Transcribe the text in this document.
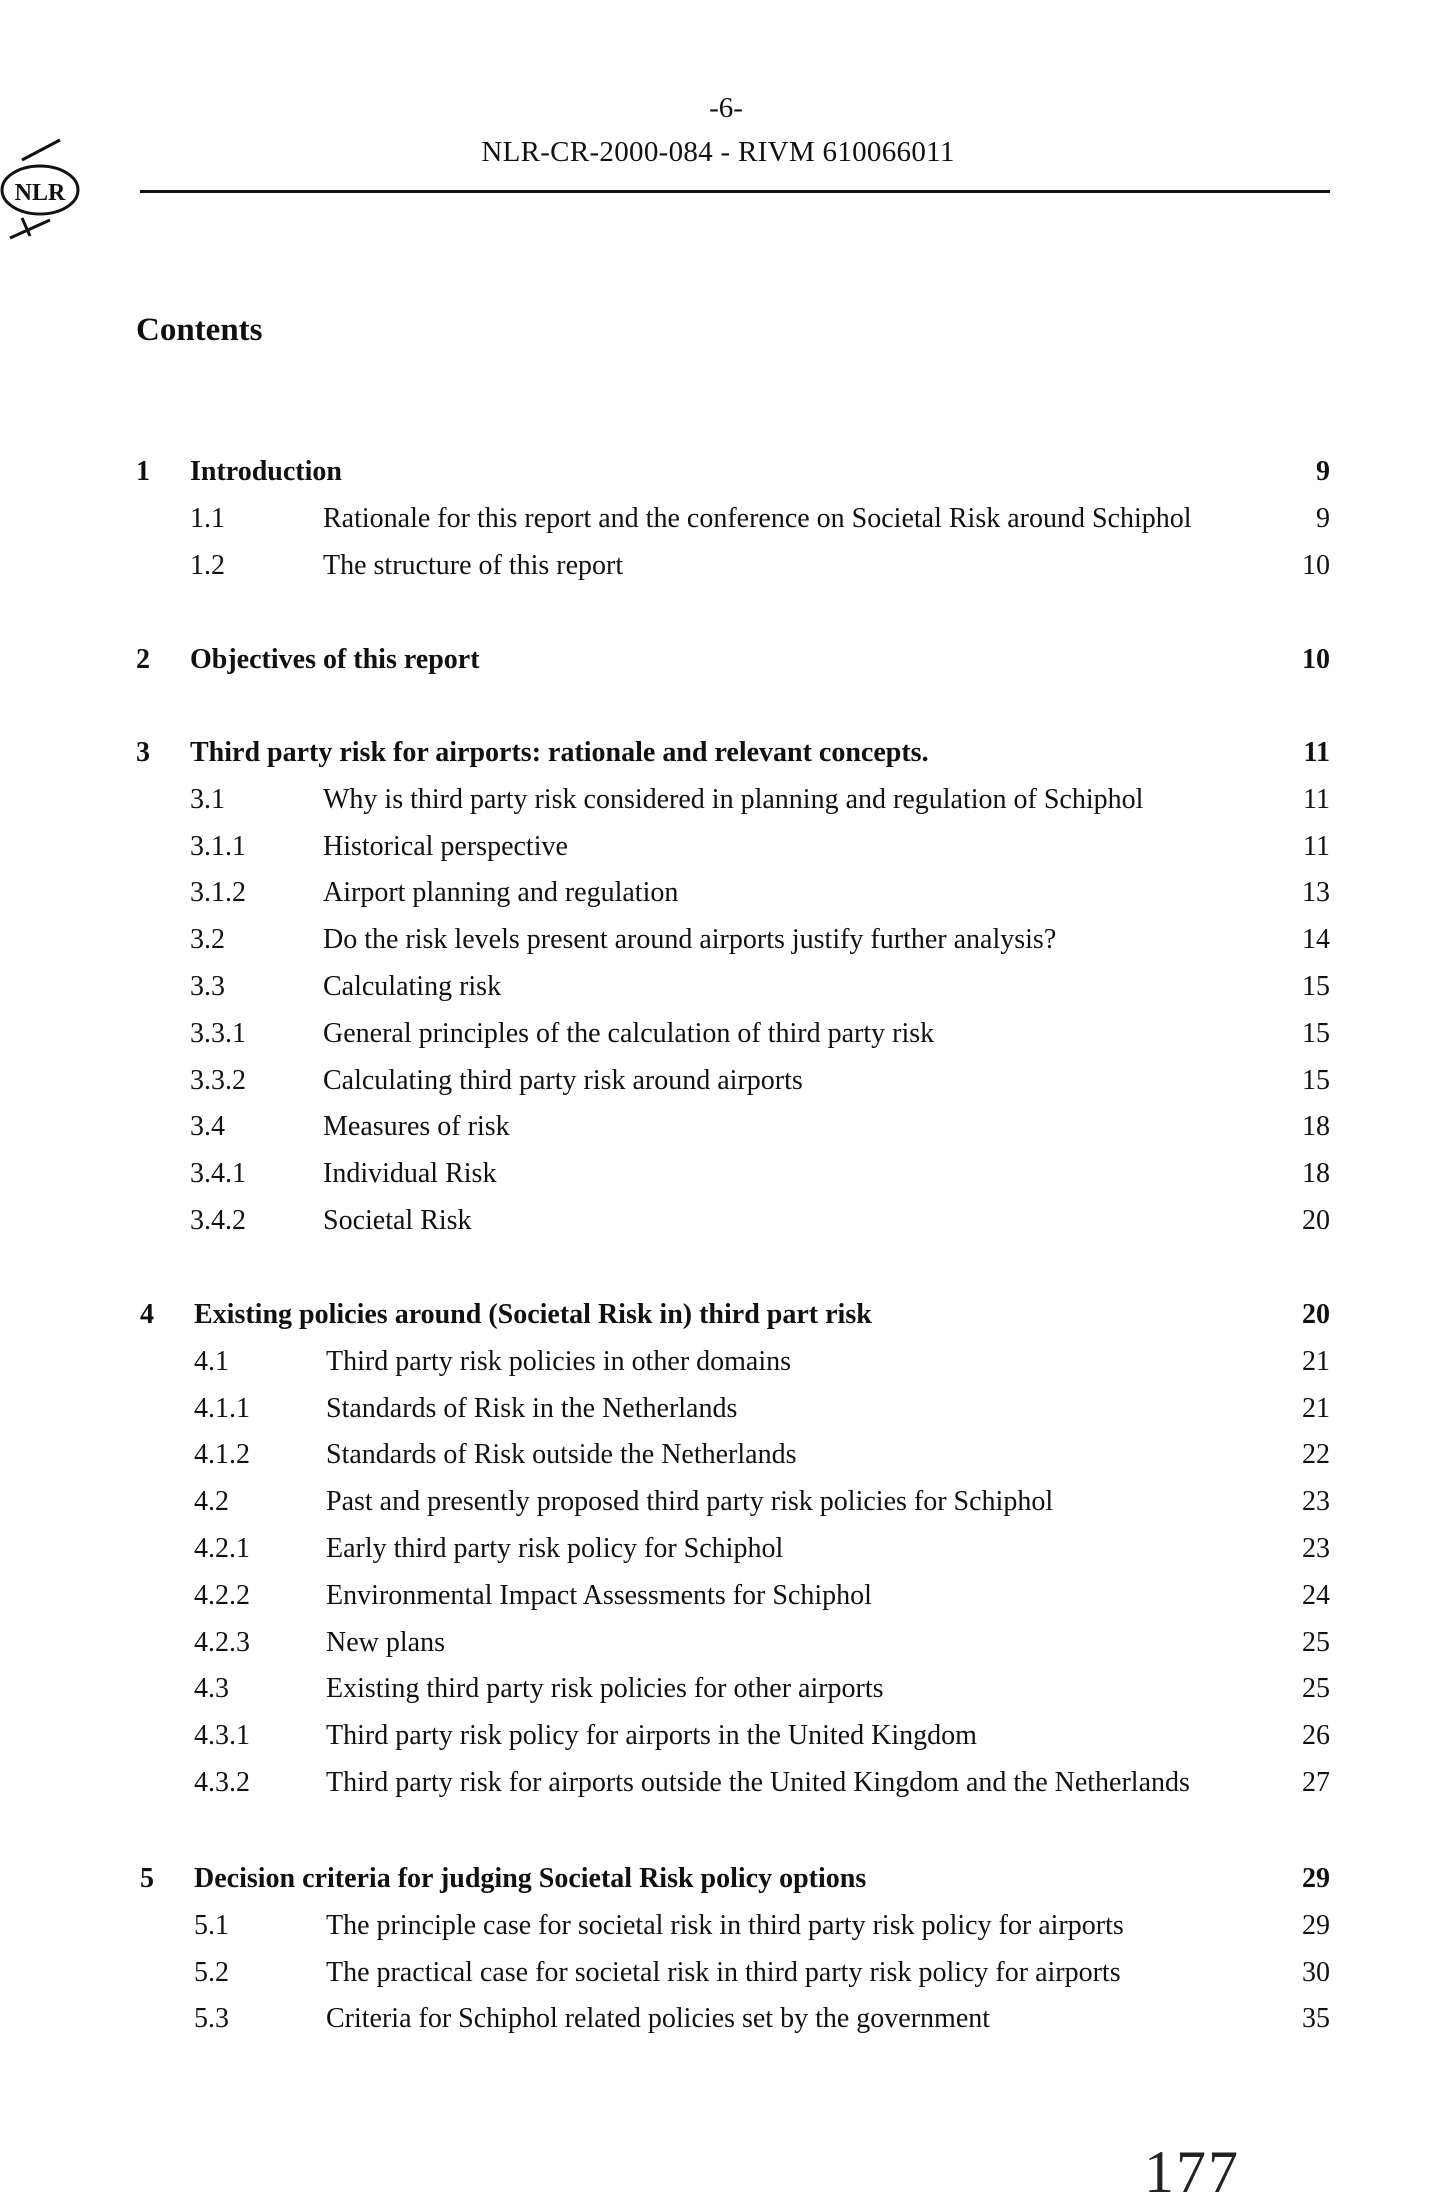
NLR
-6-
NLR-CR-2000-084 - RIVM 610066011
Contents
1 Introduction	9
1.1	Rationale for this report and the conference on Societal Risk around Schiphol	9
1.2	The structure of this report	10
2 Objectives of this report	10
3 Third party risk for airports: rationale and relevant concepts.	11
3.1	Why is third party risk considered in planning and regulation of Schiphol	11
3.1.1	Historical perspective	11
3.1.2	Airport planning and regulation	13
3.2	Do the risk levels present around airports justify further analysis?	14
3.3	Calculating risk	15
3.3.1	General principles of the calculation of third party risk	15
3.3.2	Calculating third party risk around airports	15
3.4	Measures of risk	18
3.4.1	Individual Risk	18
3.4.2	Societal Risk	20
4 Existing policies around (Societal Risk in) third part risk	20
4.1	Third party risk policies in other domains	21
4.1.1	Standards of Risk in the Netherlands	21
4.1.2	Standards of Risk outside the Netherlands	22
4.2	Past and presently proposed third party risk policies for Schiphol	23
4.2.1	Early third party risk policy for Schiphol	23
4.2.2	Environmental Impact Assessments for Schiphol	24
4.2.3	New plans	25
4.3	Existing third party risk policies for other airports	25
4.3.1	Third party risk policy for airports in the United Kingdom	26
4.3.2	Third party risk for airports outside the United Kingdom and the Netherlands	27
5 Decision criteria for judging Societal Risk policy options	29
5.1	The principle case for societal risk in third party risk policy for airports	29
5.2	The practical case for societal risk in third party risk policy for airports	30
5.3	Criteria for Schiphol related policies set by the government	35
177
